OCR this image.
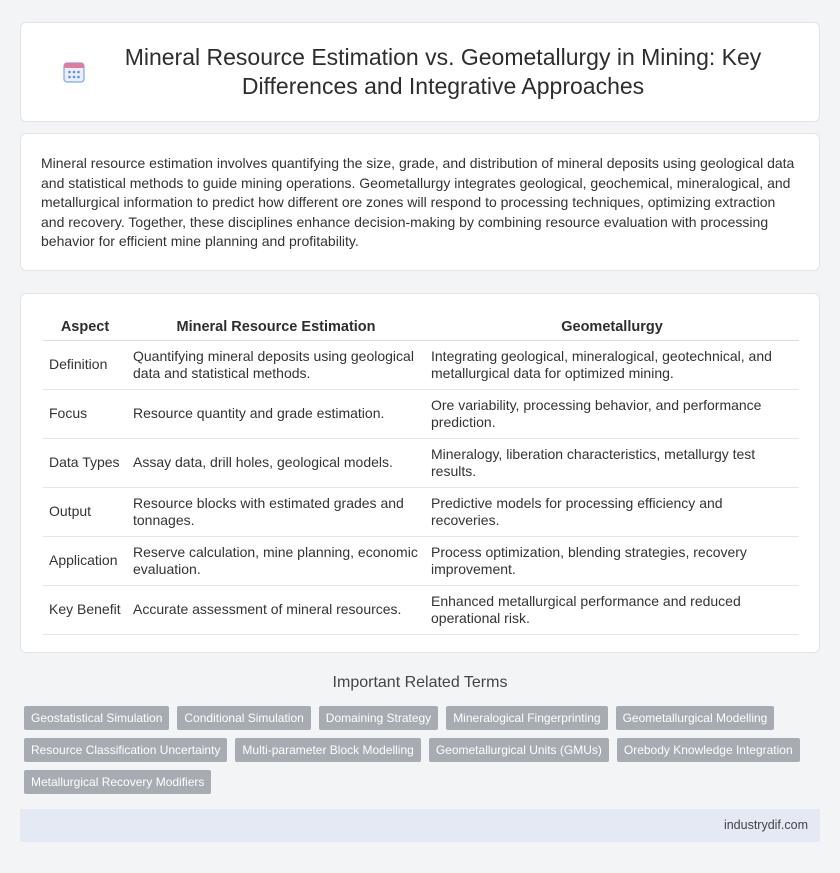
Mineral Resource Estimation vs. Geometallurgy in Mining: Key Differences and Integrative Approaches

Mineral resource estimation involves quantifying the size, grade, and distribution of mineral deposits using geological data and statistical methods to guide mining operations. Geometallurgy integrates geological, geochemical, mineralogical, and metallurgical information to predict how different ore zones will respond to processing techniques, optimizing extraction and recovery. Together, these disciplines enhance decision-making by combining resource evaluation with processing behavior for efficient mine planning and profitability.

Aspect	Mineral Resource Estimation	Geometallurgy
Definition	Quantifying mineral deposits using geological data and statistical methods.	Integrating geological, mineralogical, geotechnical, and metallurgical data for optimized mining.
Focus	Resource quantity and grade estimation.	Ore variability, processing behavior, and performance prediction.
Data Types	Assay data, drill holes, geological models.	Mineralogy, liberation characteristics, metallurgy test results.
Output	Resource blocks with estimated grades and tonnages.	Predictive models for processing efficiency and recoveries.
Application	Reserve calculation, mine planning, economic evaluation.	Process optimization, blending strategies, recovery improvement.
Key Benefit	Accurate assessment of mineral resources.	Enhanced metallurgical performance and reduced operational risk.
Important Related Terms
Geostatistical Simulation	Conditional Simulation	Domaining Strategy	Mineralogical Fingerprinting	Geometallurgical Modelling
Resource Classification Uncertainty	Multi-parameter Block Modelling	Geometallurgical Units (GMUs)	Orebody Knowledge Integration
Metallurgical Recovery Modifiers
industrydif.com
